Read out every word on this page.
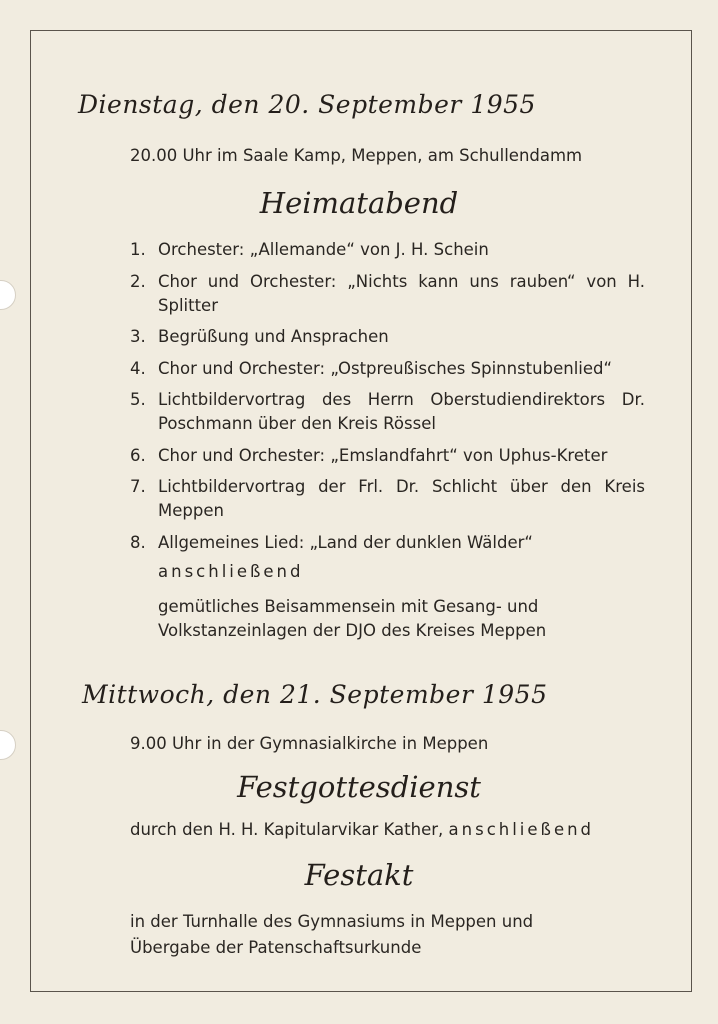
Dienstag, den 20. September 1955

20.00 Uhr im Saale Kamp, Meppen, am Schullendamm

Heimatabend
1. Orchester: „Allemande“ von J. H. Schein
2. Chor und Orchester: „Nichts kann uns rauben“ von H. Splitter
3. Begrüßung und Ansprachen
4. Chor und Orchester: „Ostpreußisches Spinnstubenlied“
5. Lichtbildervortrag des Herrn Oberstudiendirektors Dr. Poschmann über den Kreis Rössel
6. Chor und Orchester: „Emslandfahrt“ von Uphus-Kreter
7. Lichtbildervortrag der Frl. Dr. Schlicht über den Kreis Meppen
8. Allgemeines Lied: „Land der dunklen Wälder“

anschließend

gemütliches Beisammensein mit Gesang- und Volkstanzeinlagen der DJO des Kreises Meppen

Mittwoch, den 21. September 1955

9.00 Uhr in der Gymnasialkirche in Meppen

Festgottesdienst

durch den H. H. Kapitularvikar Kather, anschließend

Festakt

in der Turnhalle des Gymnasiums in Meppen und

Übergabe der Patenschaftsurkunde
